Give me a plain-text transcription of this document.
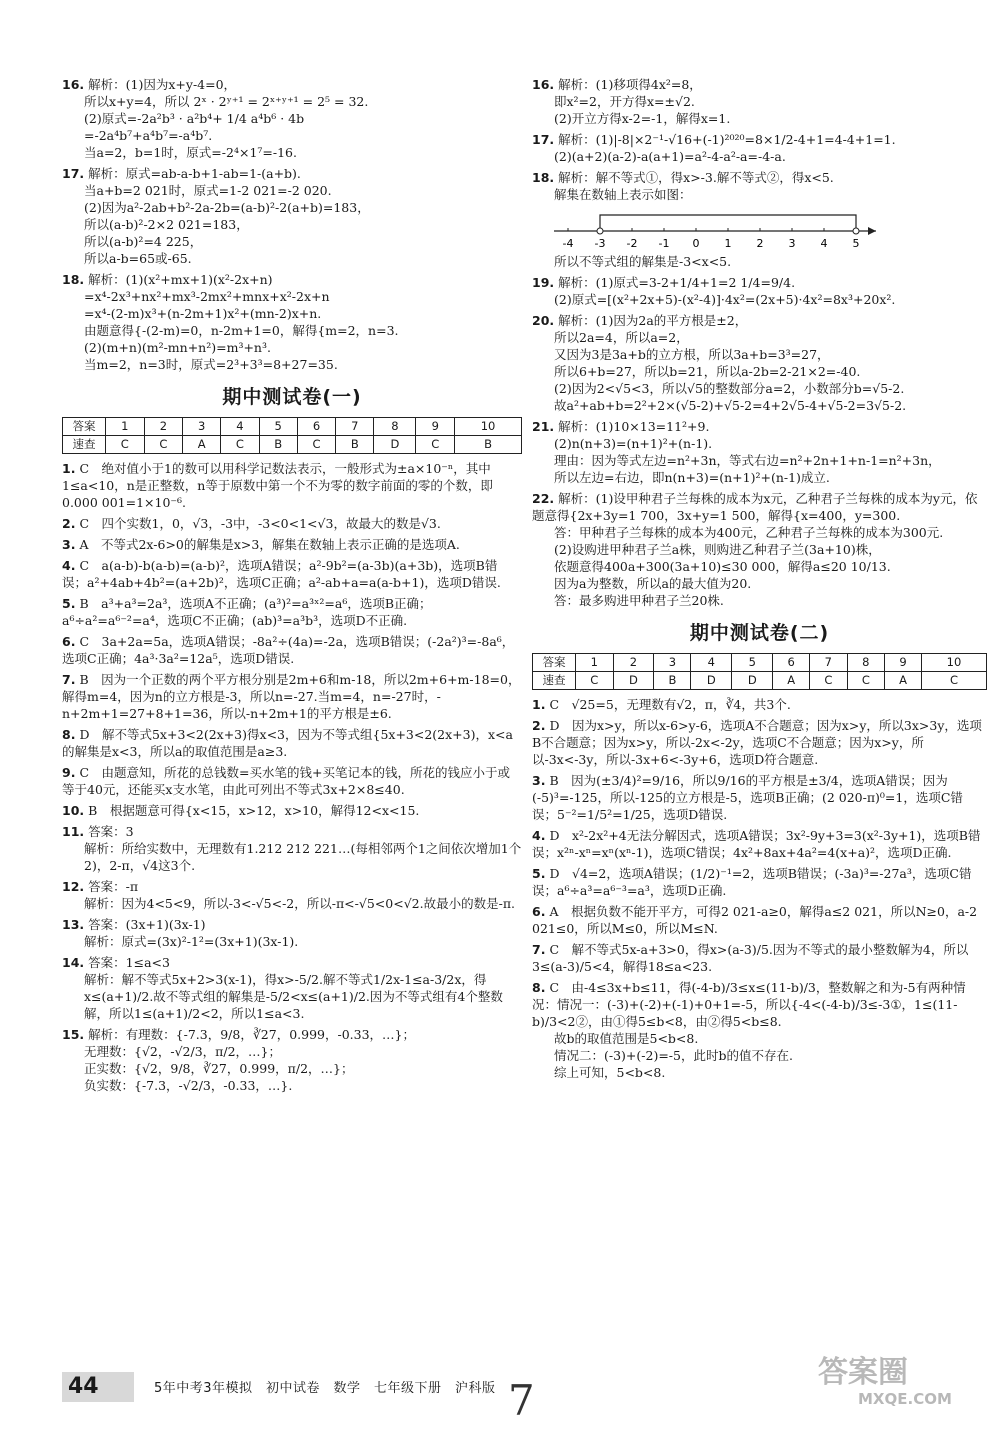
16. 解析：(1)因为x+y-4=0，
所以x+y=4，所以 2ˣ · 2ʸ⁺¹ = 2ˣ⁺ʸ⁺¹ = 2⁵ = 32.
(2)原式=-2a²b³ · a²b⁴+ 1/4 a⁴b⁶ · 4b
=-2a⁴b⁷+a⁴b⁷=-a⁴b⁷.
当a=2，b=1时，原式=-2⁴×1⁷=-16.
17. 解析：原式=ab-a-b+1-ab=1-(a+b).
当a+b=2 021时，原式=1-2 021=-2 020.
(2)因为a²-2ab+b²-2a-2b=(a-b)²-2(a+b)=183，
所以(a-b)²-2×2 021=183，
所以(a-b)²=4 225，
所以a-b=65或-65.
18. 解析：(1)(x²+mx+1)(x²-2x+n)
=x⁴-2x³+nx²+mx³-2mx²+mnx+x²-2x+n
=x⁴-(2-m)x³+(n-2m+1)x²+(mn-2)x+n.
由题意得{-(2-m)=0，n-2m+1=0，解得{m=2，n=3.
(2)(m+n)(m²-mn+n²)=m³+n³.
当m=2，n=3时，原式=2³+3³=8+27=35.
期中测试卷(一)
答案	1	2	3	4	5	6	7	8	9	10
速查	C	C	A	C	B	C	B	D	C	B
1. C　绝对值小于1的数可以用科学记数法表示，一般形式为±a×10⁻ⁿ，其中1≤a<10，n是正整数，n等于原数中第一个不为零的数字前面的零的个数，即0.000 001=1×10⁻⁶.
2. C　四个实数1，0，√3，-3中，-3<0<1<√3，故最大的数是√3.
3. A　不等式2x-6>0的解集是x>3，解集在数轴上表示正确的是选项A.
4. C　a(a-b)-b(a-b)=(a-b)²，选项A错误；a²-9b²=(a-3b)(a+3b)，选项B错误；a²+4ab+4b²=(a+2b)²，选项C正确；a²-ab+a=a(a-b+1)，选项D错误.
5. B　a³+a³=2a³，选项A不正确；(a³)²=a³ˣ²=a⁶，选项B正确；a⁶÷a²=a⁶⁻²=a⁴，选项C不正确；(ab)³=a³b³，选项D不正确.
6. C　3a+2a=5a，选项A错误；-8a²÷(4a)=-2a，选项B错误；(-2a²)³=-8a⁶，选项C正确；4a³·3a²=12a⁵，选项D错误.
7. B　因为一个正数的两个平方根分别是2m+6和m-18，所以2m+6+m-18=0，解得m=4，因为n的立方根是-3，所以n=-27.当m=4，n=-27时，-n+2m+1=27+8+1=36，所以-n+2m+1的平方根是±6.
8. D　解不等式5x+3<2(2x+3)得x<3，因为不等式组{5x+3<2(2x+3)，x<a的解集是x<3，所以a的取值范围是a≥3.
9. C　由题意知，所花的总钱数=买水笔的钱+买笔记本的钱，所花的钱应小于或等于40元，还能买x支水笔，由此可列出不等式3x+2×8≤40.
10. B　根据题意可得{x<15，x>12，x>10，解得12<x<15.
11. 答案：3
解析：所给实数中，无理数有1.212 212 221…(每相邻两个1之间依次增加1个2)，2-π，√4这3个.
12. 答案：-π
解析：因为4<5<9，所以-3<-√5<-2，所以-π<-√5<0<√2.故最小的数是-π.
13. 答案：(3x+1)(3x-1)
解析：原式=(3x)²-1²=(3x+1)(3x-1).
14. 答案：1≤a<3
解析：解不等式5x+2>3(x-1)，得x>-5/2.解不等式1/2x-1≤a-3/2x，得x≤(a+1)/2.故不等式组的解集是-5/2<x≤(a+1)/2.因为不等式组有4个整数解，所以1≤(a+1)/2<2，所以1≤a<3.
15. 解析：有理数：{-7.3，9/8，∛27，0.999，-0.33，…}；
无理数：{√2，-√2/3，π/2，…}；
正实数：{√2，9/8，∛27，0.999，π/2，…}；
负实数：{-7.3，-√2/3，-0.33，…}.
16. 解析：(1)移项得4x²=8，
即x²=2，开方得x=±√2.
(2)开立方得x-2=-1，解得x=1.
17. 解析：(1)|-8|×2⁻¹-√16+(-1)²⁰²⁰=8×1/2-4+1=4-4+1=1.
(2)(a+2)(a-2)-a(a+1)=a²-4-a²-a=-4-a.
18. 解析：解不等式①，得x>-3.解不等式②，得x<5.
解集在数轴上表示如图：
-4 -3 -2 -1 0 1 2 3 4 5
所以不等式组的解集是-3<x<5.
19. 解析：(1)原式=3-2+1/4+1=2 1/4=9/4.
(2)原式=[(x²+2x+5)-(x²-4)]·4x²=(2x+5)·4x²=8x³+20x².
20. 解析：(1)因为2a的平方根是±2，
所以2a=4，所以a=2，
又因为3是3a+b的立方根，所以3a+b=3³=27，
所以6+b=27，所以b=21，所以a-2b=2-21×2=-40.
(2)因为2<√5<3，所以√5的整数部分a=2，小数部分b=√5-2.
故a²+ab+b=2²+2×(√5-2)+√5-2=4+2√5-4+√5-2=3√5-2.
21. 解析：(1)10×13=11²+9.
(2)n(n+3)=(n+1)²+(n-1).
理由：因为等式左边=n²+3n，等式右边=n²+2n+1+n-1=n²+3n，
所以左边=右边，即n(n+3)=(n+1)²+(n-1)成立.
22. 解析：(1)设甲种君子兰每株的成本为x元，乙种君子兰每株的成本为y元，依题意得{2x+3y=1 700，3x+y=1 500，解得{x=400，y=300.
答：甲种君子兰每株的成本为400元，乙种君子兰每株的成本为300元.
(2)设购进甲种君子兰a株，则购进乙种君子兰(3a+10)株，
依题意得400a+300(3a+10)≤30 000，解得a≤20 10/13.
因为a为整数，所以a的最大值为20.
答：最多购进甲种君子兰20株.
期中测试卷(二)
答案	1	2	3	4	5	6	7	8	9	10
速查	C	D	B	D	D	A	C	C	A	C
1. C　√25=5，无理数有√2，π，∛4，共3个.
2. D　因为x>y，所以x-6>y-6，选项A不合题意；因为x>y，所以3x>3y，选项B不合题意；因为x>y，所以-2x<-2y，选项C不合题意；因为x>y，所以-3x<-3y，所以-3x+6<-3y+6，选项D符合题意.
3. B　因为(±3/4)²=9/16，所以9/16的平方根是±3/4，选项A错误；因为(-5)³=-125，所以-125的立方根是-5，选项B正确；(2 020-π)⁰=1，选项C错误；5⁻²=1/5²=1/25，选项D错误.
4. D　x²-2x²+4无法分解因式，选项A错误；3x²-9y+3=3(x²-3y+1)，选项B错误；x²ⁿ-xⁿ=xⁿ(xⁿ-1)，选项C错误；4x²+8ax+4a²=4(x+a)²，选项D正确.
5. D　√4=2，选项A错误；(1/2)⁻¹=2，选项B错误；(-3a)³=-27a³，选项C错误；a⁶÷a³=a⁶⁻³=a³，选项D正确.
6. A　根据负数不能开平方，可得2 021-a≥0，解得a≤2 021，所以N≥0，a-2 021≤0，所以M≤0，所以M≤N.
7. C　解不等式5x-a+3>0，得x>(a-3)/5.因为不等式的最小整数解为4，所以3≤(a-3)/5<4，解得18≤a<23.
8. C　由-4≤3x+b≤11，得(-4-b)/3≤x≤(11-b)/3，整数解之和为-5有两种情况：情况一：(-3)+(-2)+(-1)+0+1=-5，所以{-4<(-4-b)/3≤-3①，1≤(11-b)/3<2②，由①得5≤b<8，由②得5<b≤8.
故b的取值范围是5<b<8.
情况二：(-3)+(-2)=-5，此时b的值不存在.
综上可知，5<b<8.
44	5年中考3年模拟　初中试卷　数学　七年级下册　沪科版 7
答案圈
MXQE.COM
